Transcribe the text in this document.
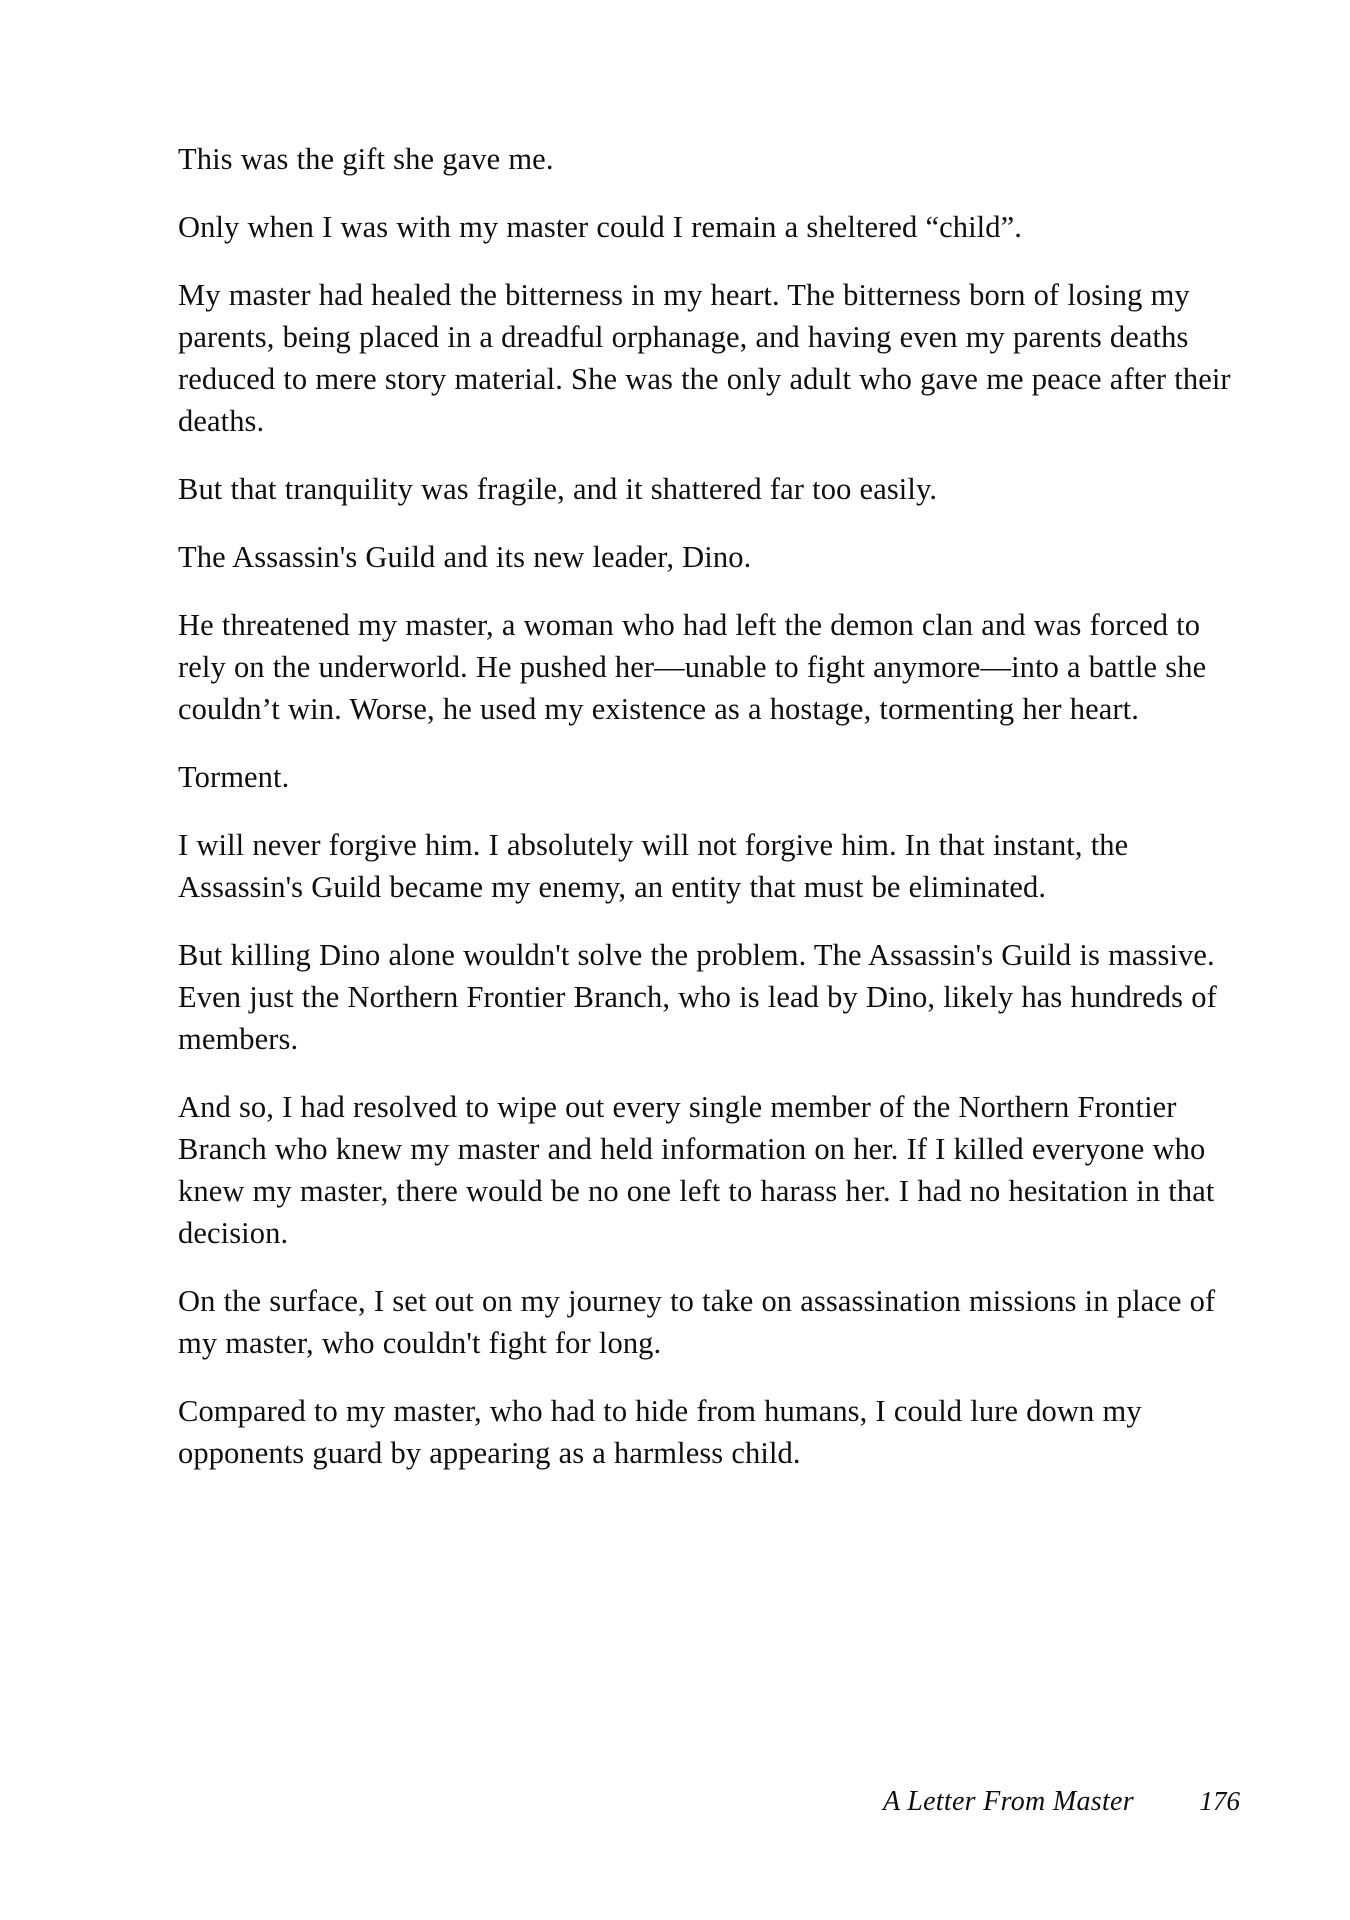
This was the gift she gave me.

Only when I was with my master could I remain a sheltered “child”.

My master had healed the bitterness in my heart. The bitterness born of losing my parents, being placed in a dreadful orphanage, and having even my parents deaths reduced to mere story material. She was the only adult who gave me peace after their deaths.

But that tranquility was fragile, and it shattered far too easily.

The Assassin's Guild and its new leader, Dino.

He threatened my master, a woman who had left the demon clan and was forced to rely on the underworld. He pushed her—unable to fight anymore—into a battle she couldn’t win. Worse, he used my existence as a hostage, tormenting her heart.

Torment.

I will never forgive him. I absolutely will not forgive him. In that instant, the Assassin's Guild became my enemy, an entity that must be eliminated.

But killing Dino alone wouldn't solve the problem. The Assassin's Guild is massive. Even just the Northern Frontier Branch, who is lead by Dino, likely has hundreds of members.

And so, I had resolved to wipe out every single member of the Northern Frontier Branch who knew my master and held information on her. If I killed everyone who knew my master, there would be no one left to harass her. I had no hesitation in that decision.

On the surface, I set out on my journey to take on assassination missions in place of my master, who couldn't fight for long.

Compared to my master, who had to hide from humans, I could lure down my opponents guard by appearing as a harmless child.

A Letter From Master 176
